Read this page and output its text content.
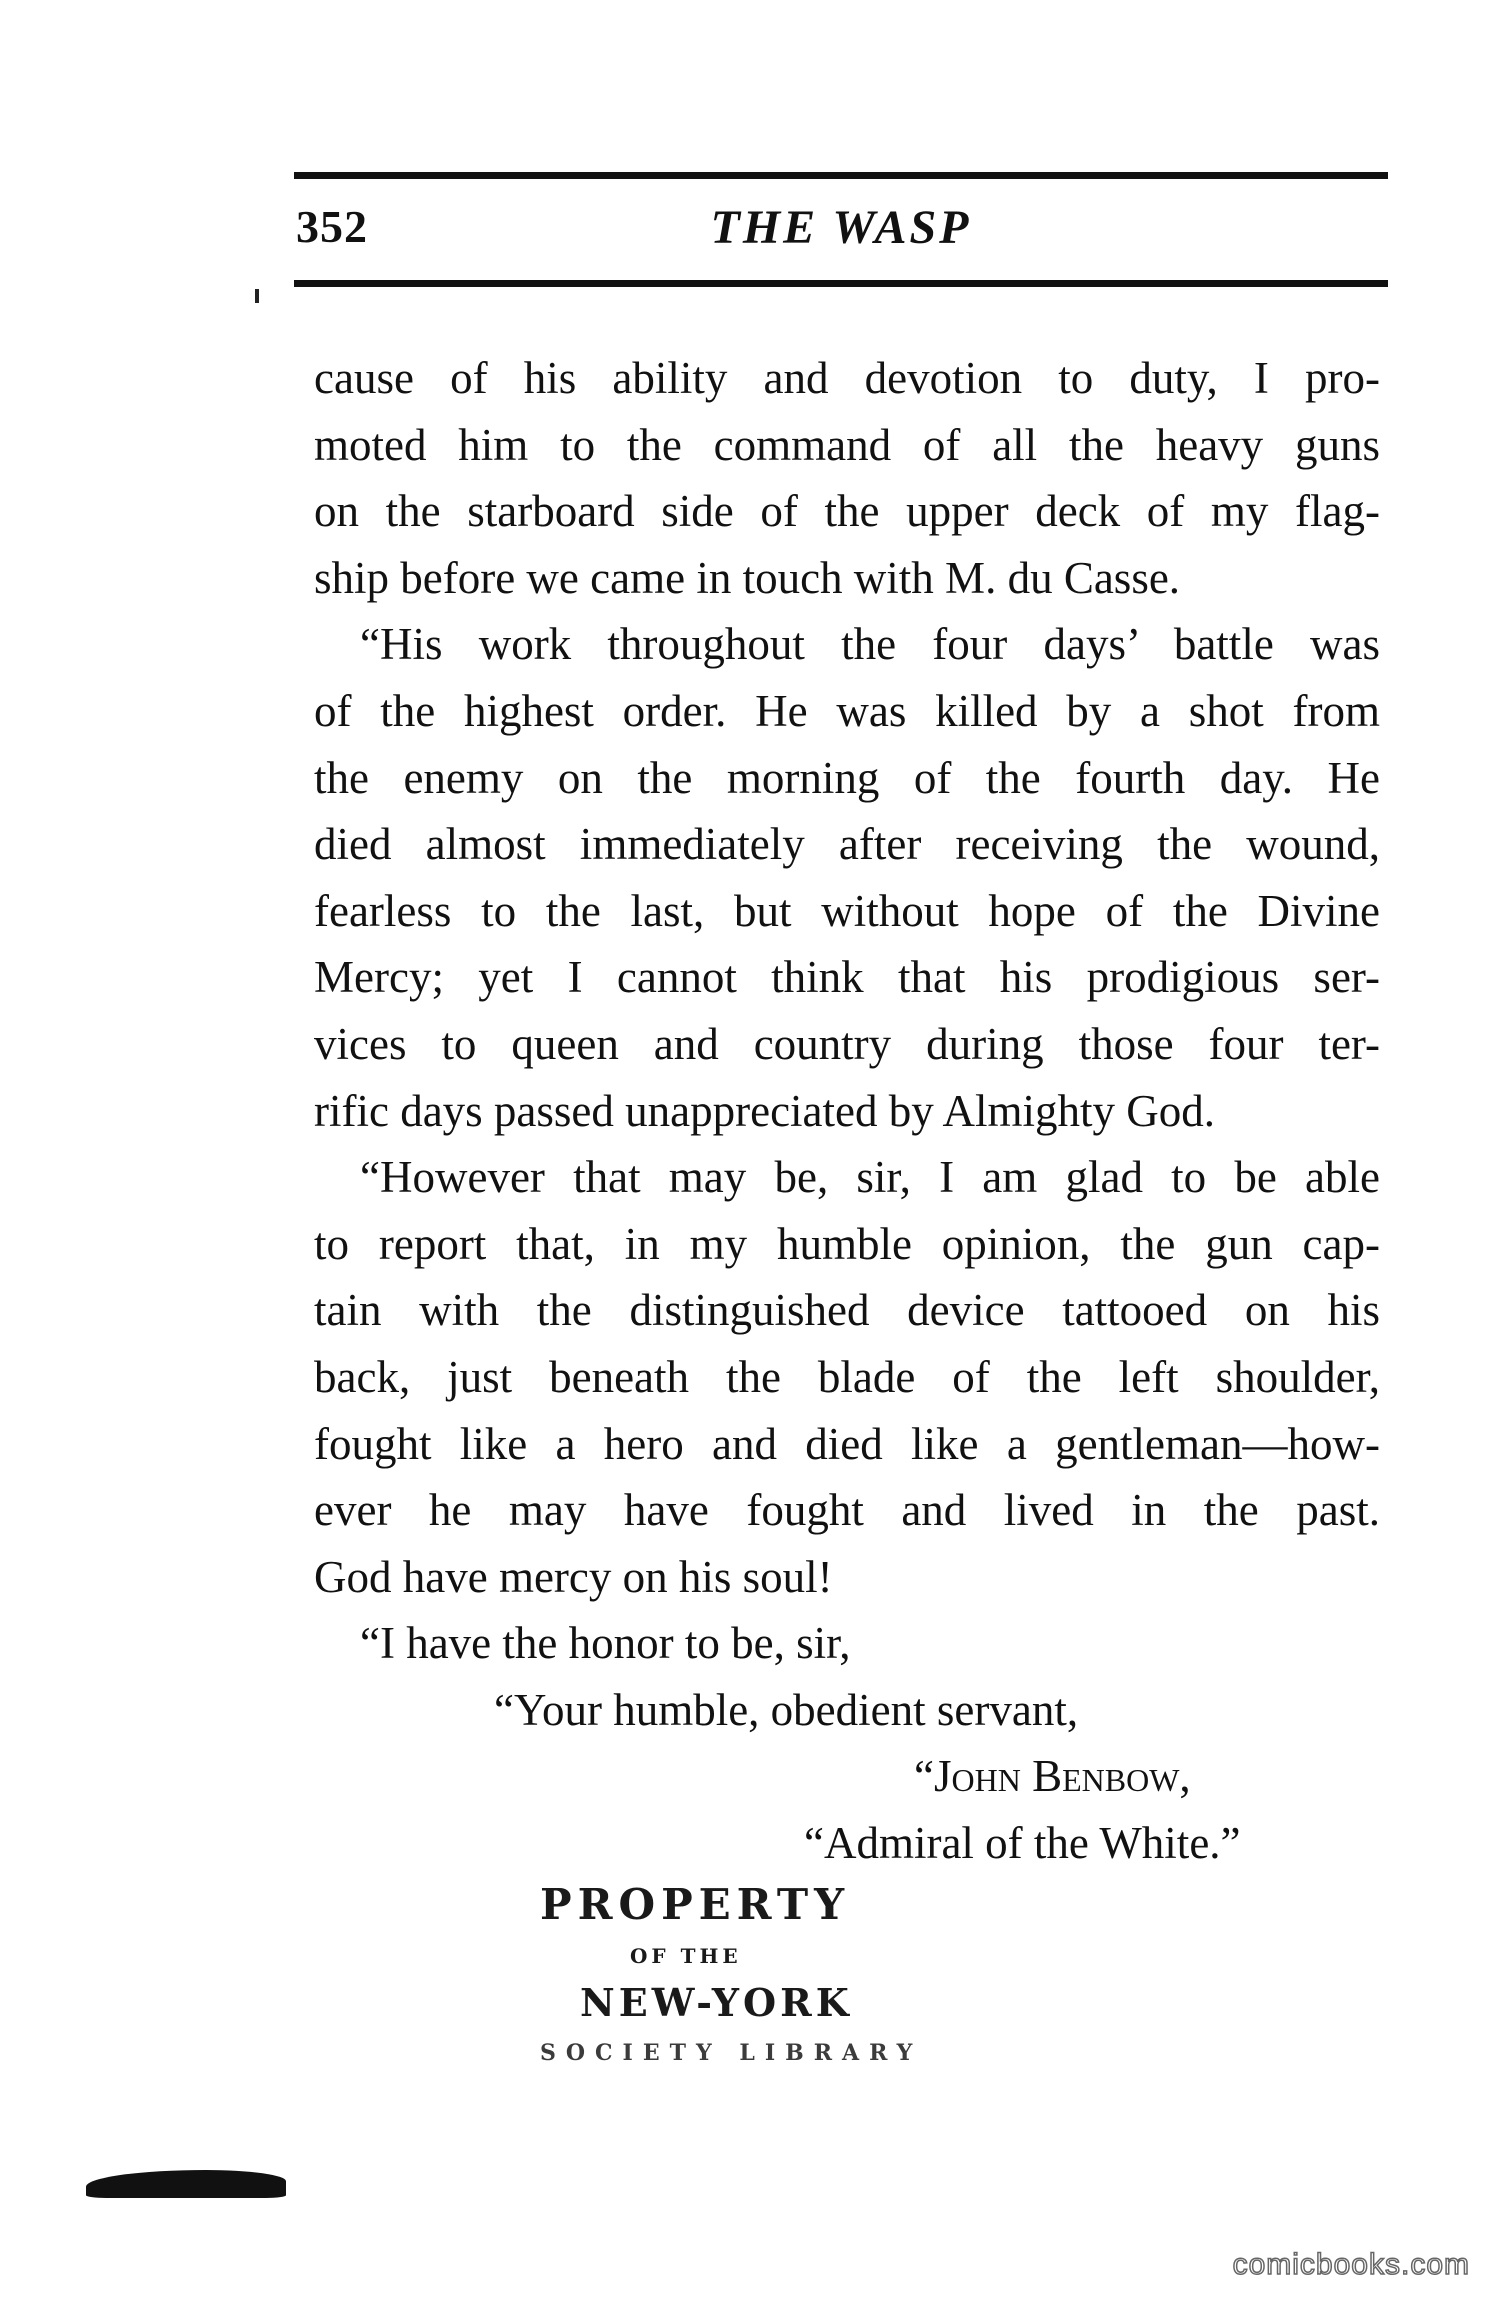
352	THE WASP
cause of his ability and devotion to duty, I pro-
moted him to the command of all the heavy guns
on the starboard side of the upper deck of my flag-
ship before we came in touch with M. du Casse.
“His work throughout the four days’ battle was
of the highest order. He was killed by a shot from
the enemy on the morning of the fourth day. He
died almost immediately after receiving the wound,
fearless to the last, but without hope of the Divine
Mercy; yet I cannot think that his prodigious ser-
vices to queen and country during those four ter-
rific days passed unappreciated by Almighty God.
“However that may be, sir, I am glad to be able
to report that, in my humble opinion, the gun cap-
tain with the distinguished device tattooed on his
back, just beneath the blade of the left shoulder,
fought like a hero and died like a gentleman—how-
ever he may have fought and lived in the past.
God have mercy on his soul!
“I have the honor to be, sir,
“Your humble, obedient servant,
“John Benbow,
“Admiral of the White.”
PROPERTY
OF THE
NEW-YORK
SOCIETY LIBRARY
comicbooks.com
